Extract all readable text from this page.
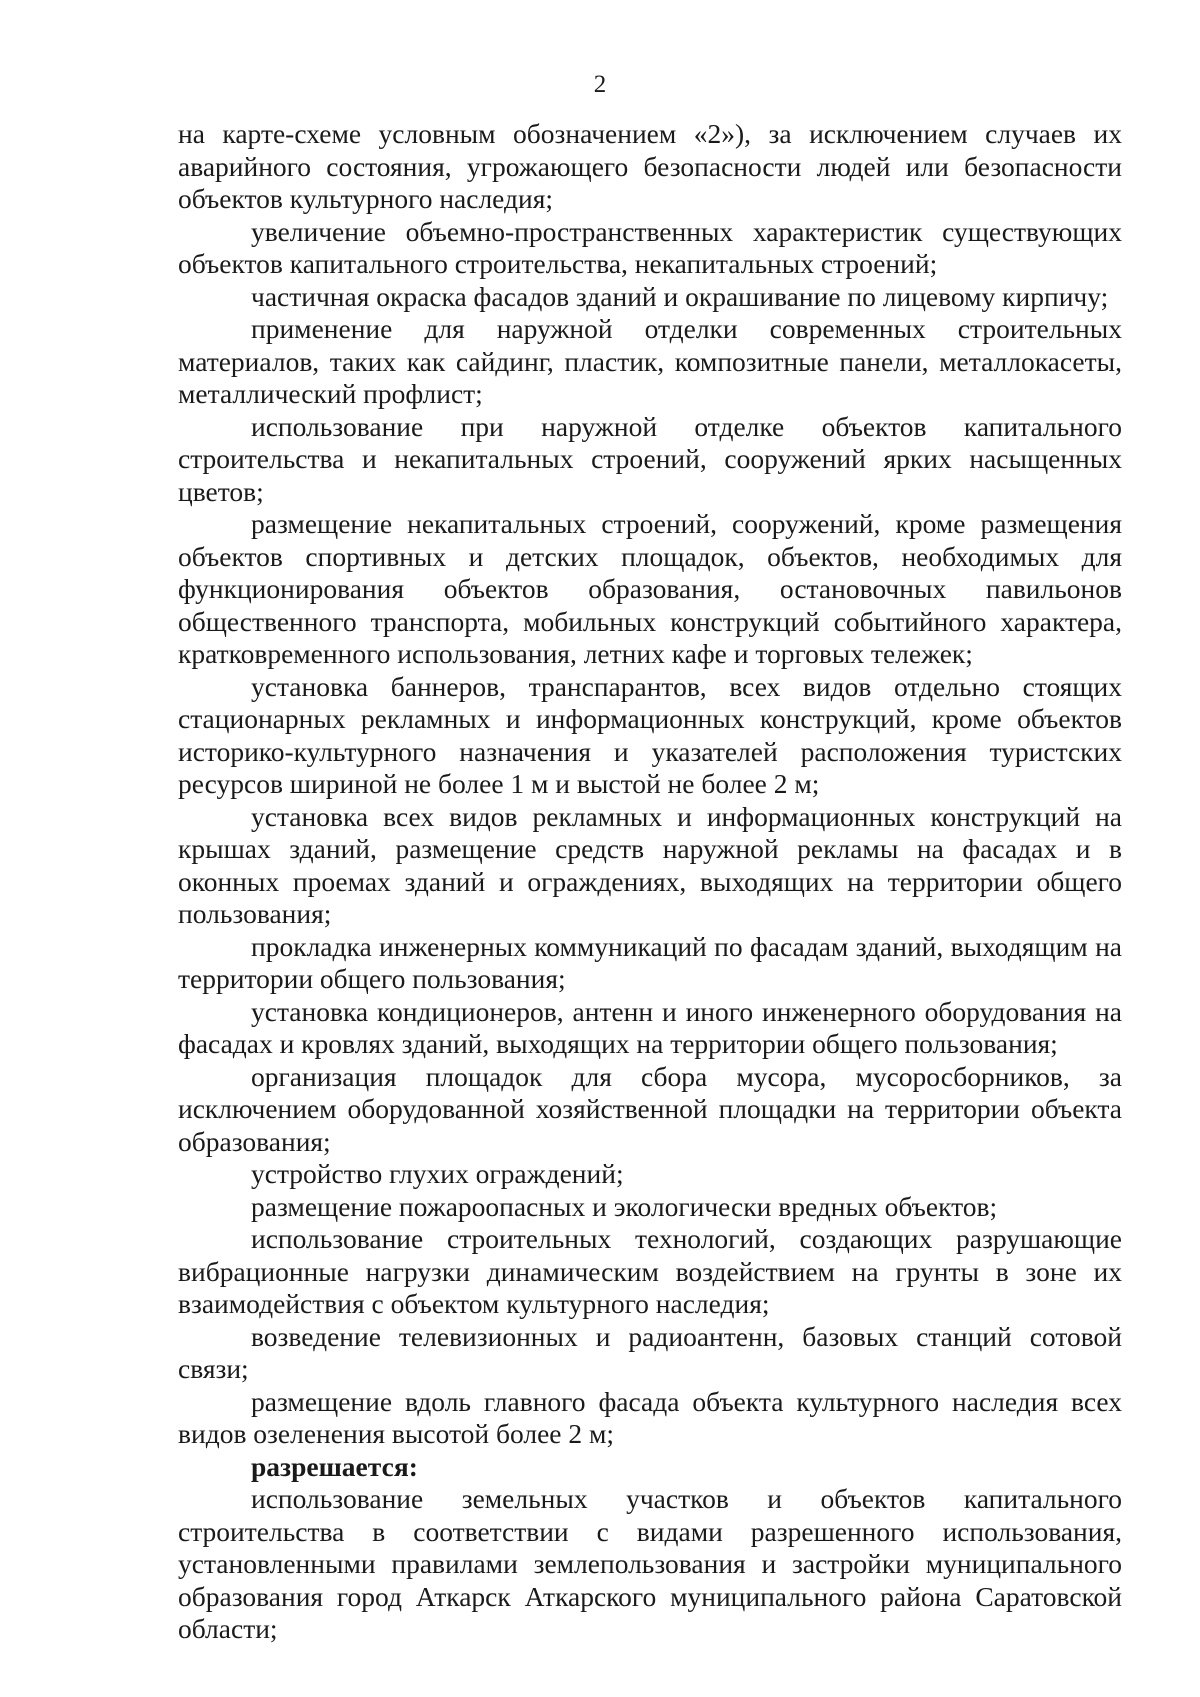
2

на карте-схеме условным обозначением «2»), за исключением случаев их аварийного состояния, угрожающего безопасности людей или безопасности объектов культурного наследия;

увеличение объемно-пространственных характеристик существующих объектов капитального строительства, некапитальных строений;

частичная окраска фасадов зданий и окрашивание по лицевому кирпичу;

применение для наружной отделки современных строительных материалов, таких как сайдинг, пластик, композитные панели, металлокасеты, металлический профлист;

использование при наружной отделке объектов капитального строительства и некапитальных строений, сооружений ярких насыщенных цветов;

размещение некапитальных строений, сооружений, кроме размещения объектов спортивных и детских площадок, объектов, необходимых для функционирования объектов образования, остановочных павильонов общественного транспорта, мобильных конструкций событийного характера, кратковременного использования, летних кафе и торговых тележек;

установка баннеров, транспарантов, всех видов отдельно стоящих стационарных рекламных и информационных конструкций, кроме объектов историко-культурного назначения и указателей расположения туристских ресурсов шириной не более 1 м и выстой не более 2 м;

установка всех видов рекламных и информационных конструкций на крышах зданий, размещение средств наружной рекламы на фасадах и в оконных проемах зданий и ограждениях, выходящих на территории общего пользования;

прокладка инженерных коммуникаций по фасадам зданий, выходящим на территории общего пользования;

установка кондиционеров, антенн и иного инженерного оборудования на фасадах и кровлях зданий, выходящих на территории общего пользования;

организация площадок для сбора мусора, мусоросборников, за исключением оборудованной хозяйственной площадки на территории объекта образования;

устройство глухих ограждений;

размещение пожароопасных и экологически вредных объектов;

использование строительных технологий, создающих разрушающие вибрационные нагрузки динамическим воздействием на грунты в зоне их взаимодействия с объектом культурного наследия;

возведение телевизионных и радиоантенн, базовых станций сотовой связи;

размещение вдоль главного фасада объекта культурного наследия всех видов озеленения высотой более 2 м;

разрешается:

использование земельных участков и объектов капитального строительства в соответствии с видами разрешенного использования, установленными правилами землепользования и застройки муниципального образования город Аткарск Аткарского муниципального района Саратовской области;
